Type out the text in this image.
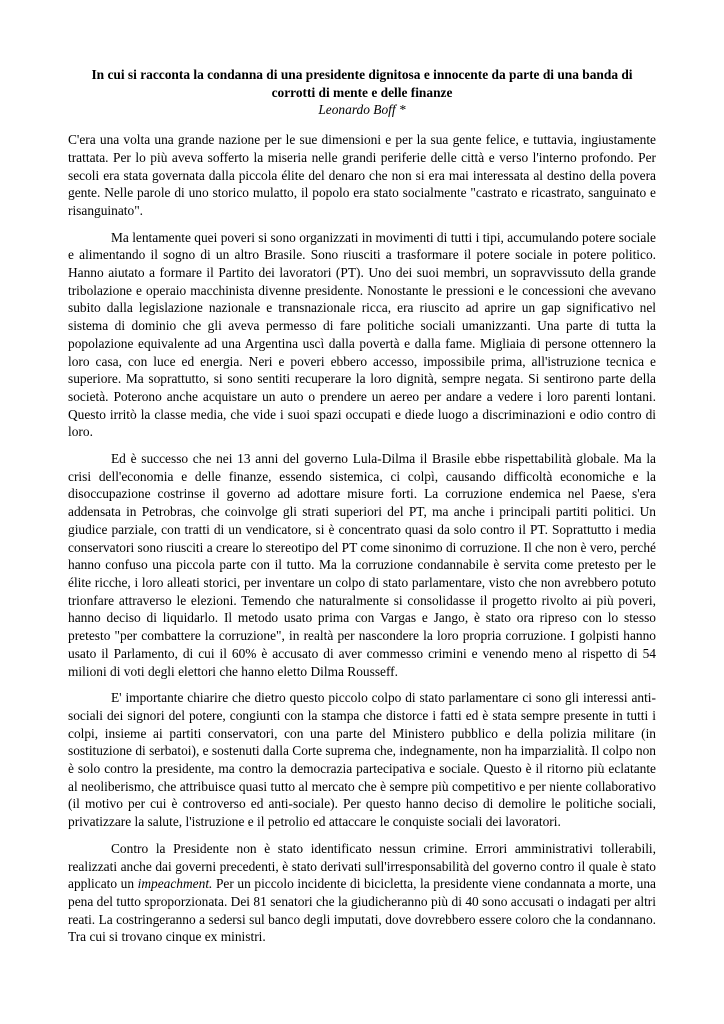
In cui si racconta la condanna di una presidente dignitosa e innocente da parte di una banda di corrotti di mente e delle finanze

Leonardo Boff *

C'era una volta una grande nazione per le sue dimensioni e per la sua gente felice, e tuttavia, ingiustamente trattata. Per lo più aveva sofferto la miseria nelle grandi periferie delle città e verso l'interno profondo. Per secoli era stata governata dalla piccola élite del denaro che non si era mai interessata al destino della povera gente. Nelle parole di uno storico mulatto, il popolo era stato socialmente "castrato e ricastrato, sanguinato e risanguinato".

Ma lentamente quei poveri si sono organizzati in movimenti di tutti i tipi, accumulando potere sociale e alimentando il sogno di un altro Brasile. Sono riusciti a trasformare il potere sociale in potere politico. Hanno aiutato a formare il Partito dei lavoratori (PT). Uno dei suoi membri, un sopravvissuto della grande tribolazione e operaio macchinista divenne presidente. Nonostante le pressioni e le concessioni che avevano subito dalla legislazione nazionale e transnazionale ricca, era riuscito ad aprire un gap significativo nel sistema di dominio che gli aveva permesso di fare politiche sociali umanizzanti. Una parte di tutta la popolazione equivalente ad una Argentina uscì dalla povertà e dalla fame. Migliaia di persone ottennero la loro casa, con luce ed energia. Neri e poveri ebbero accesso, impossibile prima, all'istruzione tecnica e superiore. Ma soprattutto, si sono sentiti recuperare la loro dignità, sempre negata. Si sentirono parte della società. Poterono anche acquistare un auto o prendere un aereo per andare a vedere i loro parenti lontani. Questo irritò la classe media, che vide i suoi spazi occupati e diede luogo a discriminazioni e odio contro di loro.

Ed è successo che nei 13 anni del governo Lula-Dilma il Brasile ebbe rispettabilità globale. Ma la crisi dell'economia e delle finanze, essendo sistemica, ci colpì, causando difficoltà economiche e la disoccupazione costrinse il governo ad adottare misure forti. La corruzione endemica nel Paese, s'era addensata in Petrobras, che coinvolge gli strati superiori del PT, ma anche i principali partiti politici. Un giudice parziale, con tratti di un vendicatore, si è concentrato quasi da solo contro il PT. Soprattutto i media conservatori sono riusciti a creare lo stereotipo del PT come sinonimo di corruzione. Il che non è vero, perché hanno confuso una piccola parte con il tutto. Ma la corruzione condannabile è servita come pretesto per le élite ricche, i loro alleati storici, per inventare un colpo di stato parlamentare, visto che non avrebbero potuto trionfare attraverso le elezioni. Temendo che naturalmente si consolidasse il progetto rivolto ai più poveri, hanno deciso di liquidarlo. Il metodo usato prima con Vargas e Jango, è stato ora ripreso con lo stesso pretesto "per combattere la corruzione", in realtà per nascondere la loro propria corruzione. I golpisti hanno usato il Parlamento, di cui il 60% è accusato di aver commesso crimini e venendo meno al rispetto di 54 milioni di voti degli elettori che hanno eletto Dilma Rousseff.

E' importante chiarire che dietro questo piccolo colpo di stato parlamentare ci sono gli interessi anti-sociali dei signori del potere, congiunti con la stampa che distorce i fatti ed è stata sempre presente in tutti i colpi, insieme ai partiti conservatori, con una parte del Ministero pubblico e della polizia militare (in sostituzione di serbatoi), e sostenuti dalla Corte suprema che, indegnamente, non ha imparzialità. Il colpo non è solo contro la presidente, ma contro la democrazia partecipativa e sociale. Questo è il ritorno più eclatante al neoliberismo, che attribuisce quasi tutto al mercato che è sempre più competitivo e per niente collaborativo (il motivo per cui è controverso ed anti-sociale). Per questo hanno deciso di demolire le politiche sociali, privatizzare la salute, l'istruzione e il petrolio ed attaccare le conquiste sociali dei lavoratori.

Contro la Presidente non è stato identificato nessun crimine. Errori amministrativi tollerabili, realizzati anche dai governi precedenti, è stato derivati sull'irresponsabilità del governo contro il quale è stato applicato un impeachment. Per un piccolo incidente di bicicletta, la presidente viene condannata a morte, una pena del tutto sproporzionata. Dei 81 senatori che la giudicheranno più di 40 sono accusati o indagati per altri reati. La costringeranno a sedersi sul banco degli imputati, dove dovrebbero essere coloro che la condannano. Tra cui si trovano cinque ex ministri.
